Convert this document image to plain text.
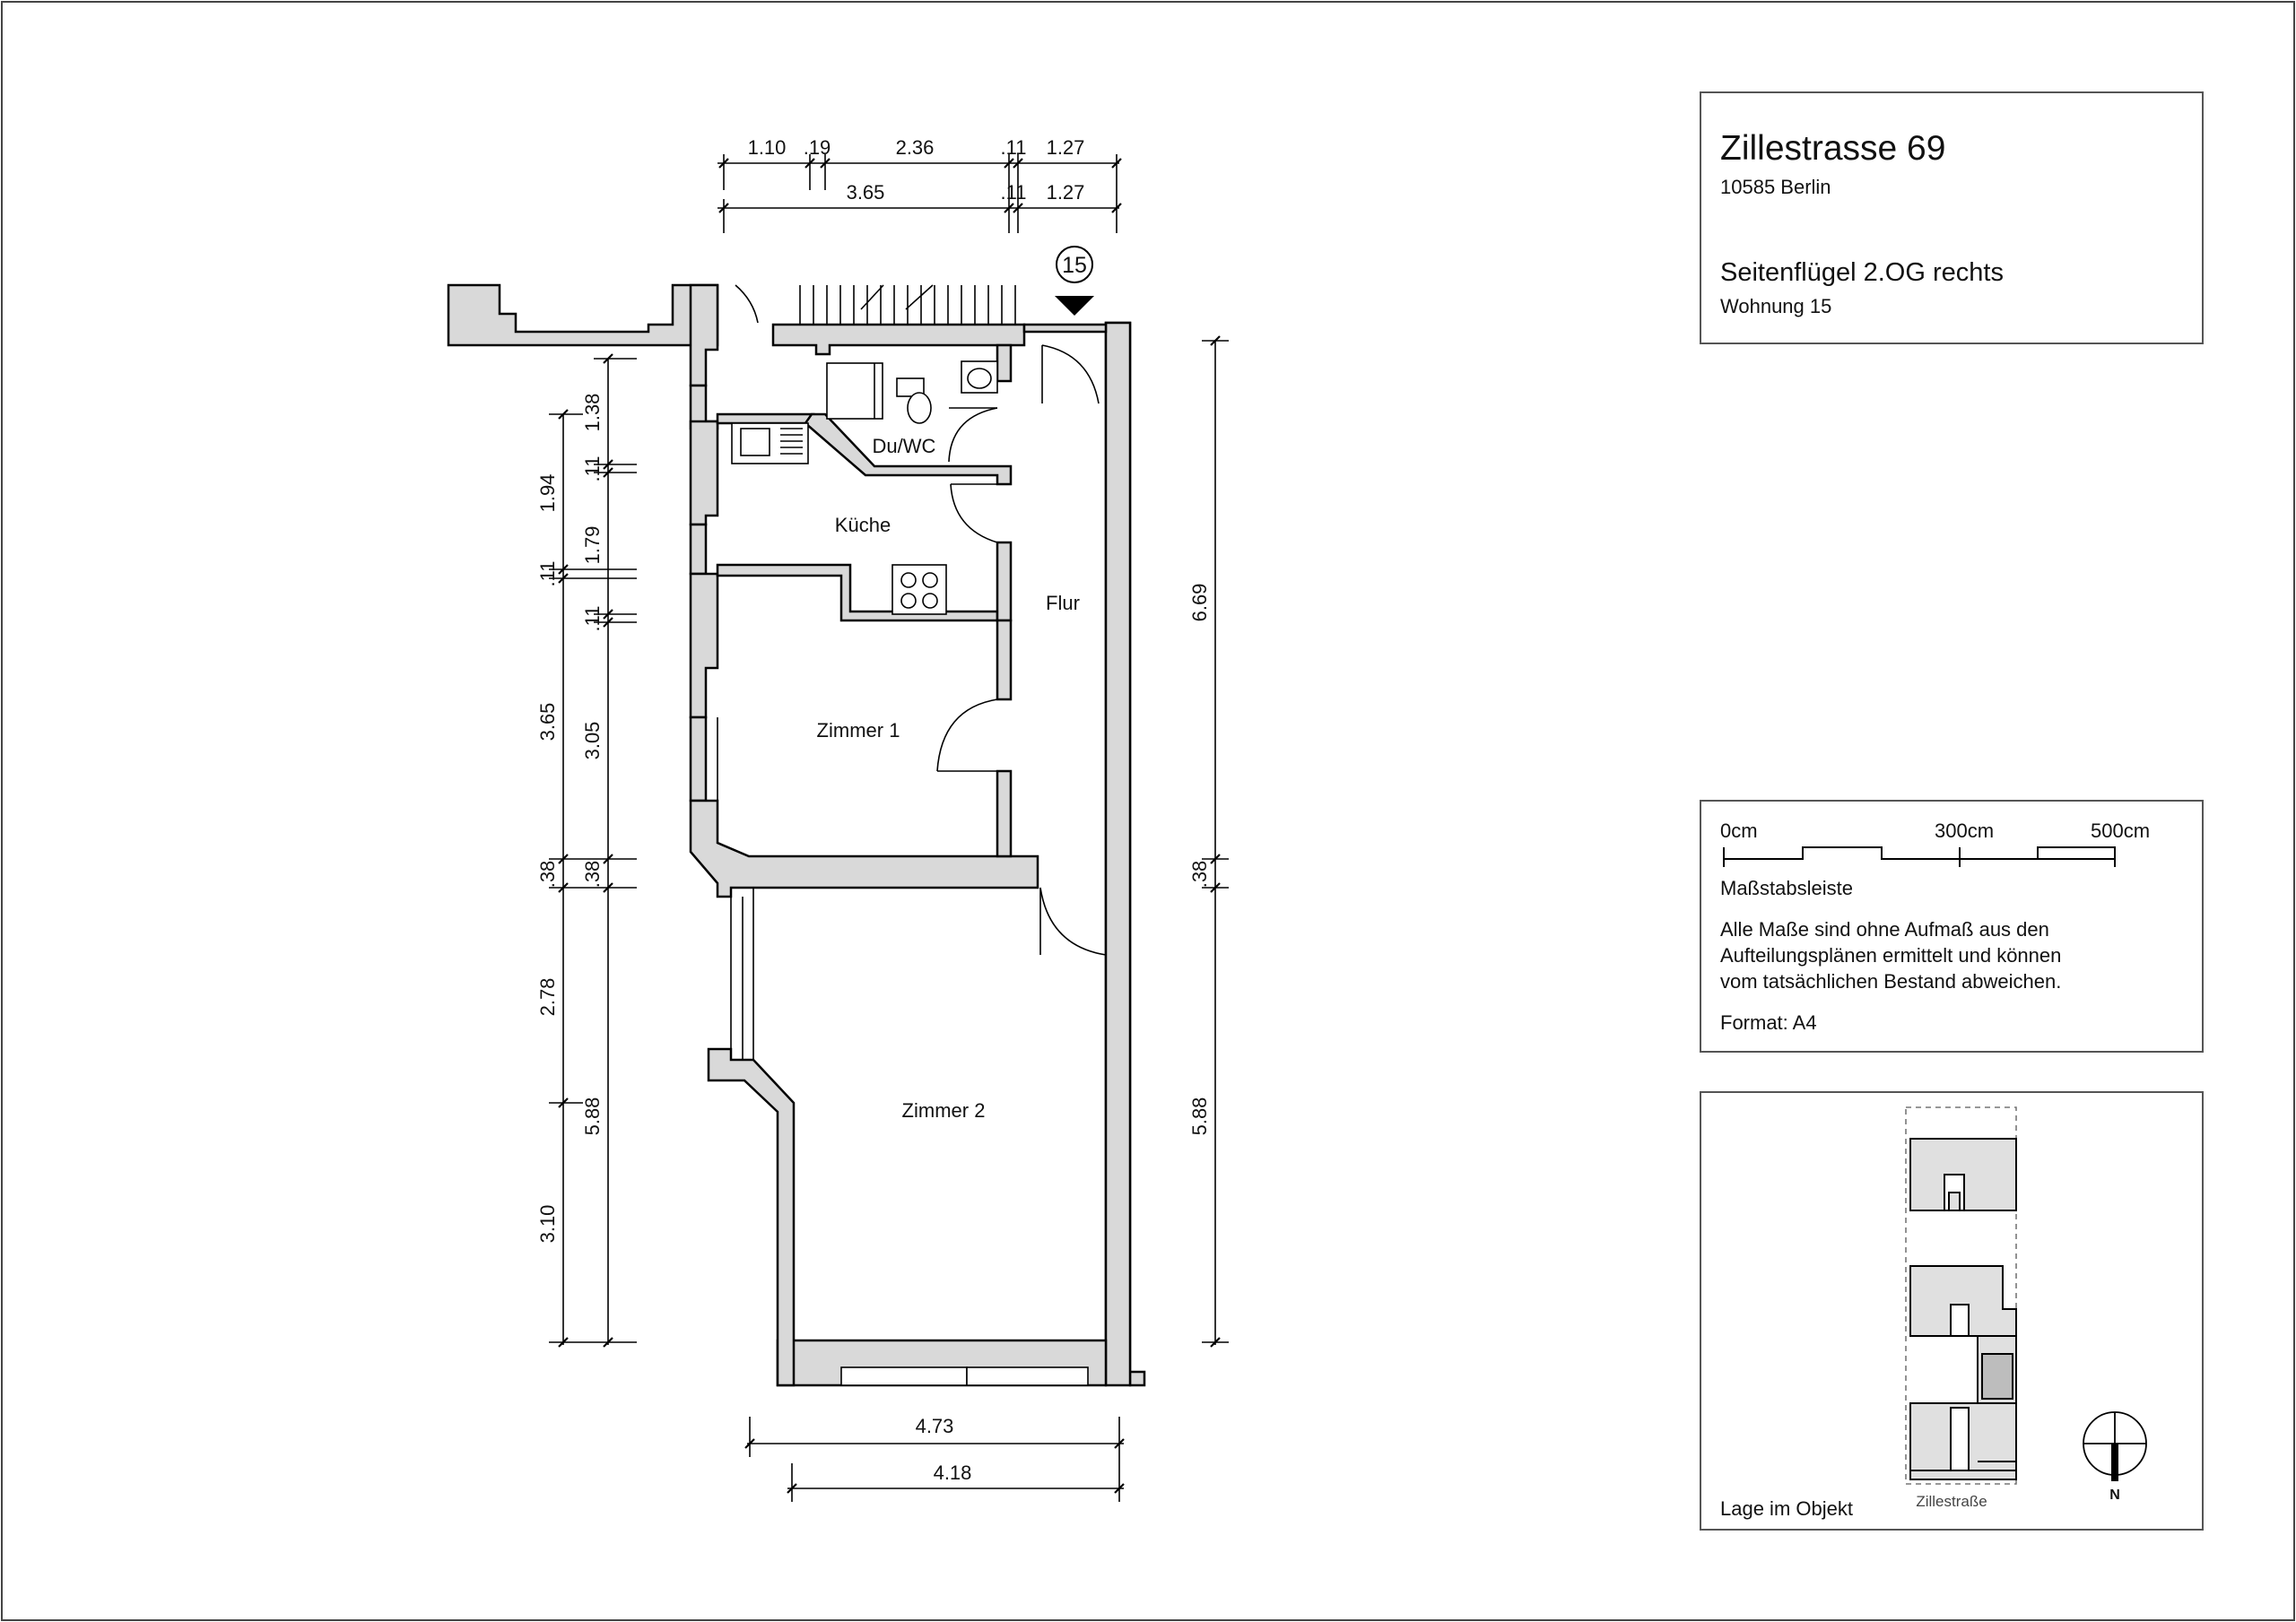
15
Du/WC
Küche
Flur
Zimmer 1
Zimmer 2
1.10 .19	2.36	.11 1.27
3.65	.11 1.27
1.94
.11
3.65
.38
2.78
3.10
1.38
.11
1.79
.11
3.05
.38
5.88
6.69
.38
5.88
4.73
4.18
Zillestrasse 69
10585 Berlin
Seitenflügel 2.OG rechts
Wohnung 15
0cm	300cm	500cm
Maßstabsleiste
Alle Maße sind ohne Aufmaß aus den
Aufteilungsplänen ermittelt und können
vom tatsächlichen Bestand abweichen.
Format: A4
Lage im Objekt	Zillestraße	N
